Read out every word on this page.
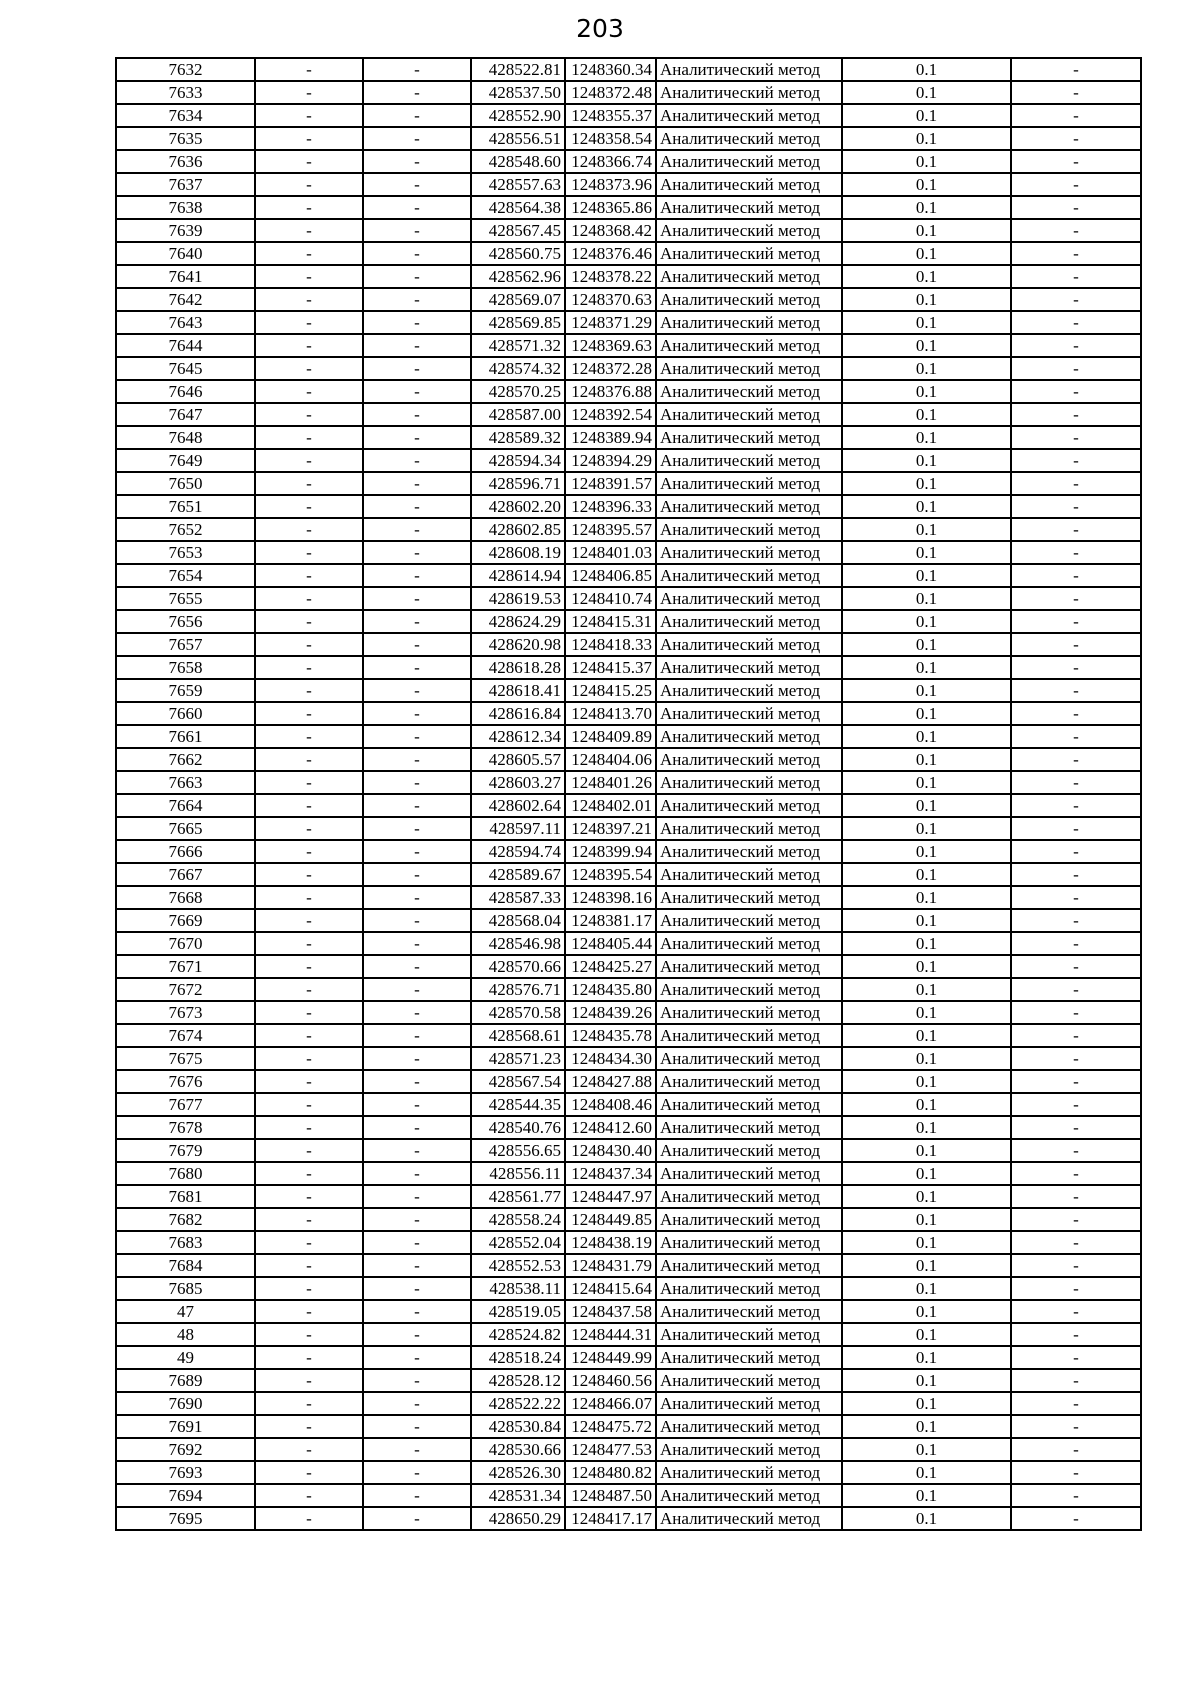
203
7632	-	-	428522.81	1248360.34	Аналитический метод	0.1	-
7633	-	-	428537.50	1248372.48	Аналитический метод	0.1	-
7634	-	-	428552.90	1248355.37	Аналитический метод	0.1	-
7635	-	-	428556.51	1248358.54	Аналитический метод	0.1	-
7636	-	-	428548.60	1248366.74	Аналитический метод	0.1	-
7637	-	-	428557.63	1248373.96	Аналитический метод	0.1	-
7638	-	-	428564.38	1248365.86	Аналитический метод	0.1	-
7639	-	-	428567.45	1248368.42	Аналитический метод	0.1	-
7640	-	-	428560.75	1248376.46	Аналитический метод	0.1	-
7641	-	-	428562.96	1248378.22	Аналитический метод	0.1	-
7642	-	-	428569.07	1248370.63	Аналитический метод	0.1	-
7643	-	-	428569.85	1248371.29	Аналитический метод	0.1	-
7644	-	-	428571.32	1248369.63	Аналитический метод	0.1	-
7645	-	-	428574.32	1248372.28	Аналитический метод	0.1	-
7646	-	-	428570.25	1248376.88	Аналитический метод	0.1	-
7647	-	-	428587.00	1248392.54	Аналитический метод	0.1	-
7648	-	-	428589.32	1248389.94	Аналитический метод	0.1	-
7649	-	-	428594.34	1248394.29	Аналитический метод	0.1	-
7650	-	-	428596.71	1248391.57	Аналитический метод	0.1	-
7651	-	-	428602.20	1248396.33	Аналитический метод	0.1	-
7652	-	-	428602.85	1248395.57	Аналитический метод	0.1	-
7653	-	-	428608.19	1248401.03	Аналитический метод	0.1	-
7654	-	-	428614.94	1248406.85	Аналитический метод	0.1	-
7655	-	-	428619.53	1248410.74	Аналитический метод	0.1	-
7656	-	-	428624.29	1248415.31	Аналитический метод	0.1	-
7657	-	-	428620.98	1248418.33	Аналитический метод	0.1	-
7658	-	-	428618.28	1248415.37	Аналитический метод	0.1	-
7659	-	-	428618.41	1248415.25	Аналитический метод	0.1	-
7660	-	-	428616.84	1248413.70	Аналитический метод	0.1	-
7661	-	-	428612.34	1248409.89	Аналитический метод	0.1	-
7662	-	-	428605.57	1248404.06	Аналитический метод	0.1	-
7663	-	-	428603.27	1248401.26	Аналитический метод	0.1	-
7664	-	-	428602.64	1248402.01	Аналитический метод	0.1	-
7665	-	-	428597.11	1248397.21	Аналитический метод	0.1	-
7666	-	-	428594.74	1248399.94	Аналитический метод	0.1	-
7667	-	-	428589.67	1248395.54	Аналитический метод	0.1	-
7668	-	-	428587.33	1248398.16	Аналитический метод	0.1	-
7669	-	-	428568.04	1248381.17	Аналитический метод	0.1	-
7670	-	-	428546.98	1248405.44	Аналитический метод	0.1	-
7671	-	-	428570.66	1248425.27	Аналитический метод	0.1	-
7672	-	-	428576.71	1248435.80	Аналитический метод	0.1	-
7673	-	-	428570.58	1248439.26	Аналитический метод	0.1	-
7674	-	-	428568.61	1248435.78	Аналитический метод	0.1	-
7675	-	-	428571.23	1248434.30	Аналитический метод	0.1	-
7676	-	-	428567.54	1248427.88	Аналитический метод	0.1	-
7677	-	-	428544.35	1248408.46	Аналитический метод	0.1	-
7678	-	-	428540.76	1248412.60	Аналитический метод	0.1	-
7679	-	-	428556.65	1248430.40	Аналитический метод	0.1	-
7680	-	-	428556.11	1248437.34	Аналитический метод	0.1	-
7681	-	-	428561.77	1248447.97	Аналитический метод	0.1	-
7682	-	-	428558.24	1248449.85	Аналитический метод	0.1	-
7683	-	-	428552.04	1248438.19	Аналитический метод	0.1	-
7684	-	-	428552.53	1248431.79	Аналитический метод	0.1	-
7685	-	-	428538.11	1248415.64	Аналитический метод	0.1	-
47	-	-	428519.05	1248437.58	Аналитический метод	0.1	-
48	-	-	428524.82	1248444.31	Аналитический метод	0.1	-
49	-	-	428518.24	1248449.99	Аналитический метод	0.1	-
7689	-	-	428528.12	1248460.56	Аналитический метод	0.1	-
7690	-	-	428522.22	1248466.07	Аналитический метод	0.1	-
7691	-	-	428530.84	1248475.72	Аналитический метод	0.1	-
7692	-	-	428530.66	1248477.53	Аналитический метод	0.1	-
7693	-	-	428526.30	1248480.82	Аналитический метод	0.1	-
7694	-	-	428531.34	1248487.50	Аналитический метод	0.1	-
7695	-	-	428650.29	1248417.17	Аналитический метод	0.1	-
